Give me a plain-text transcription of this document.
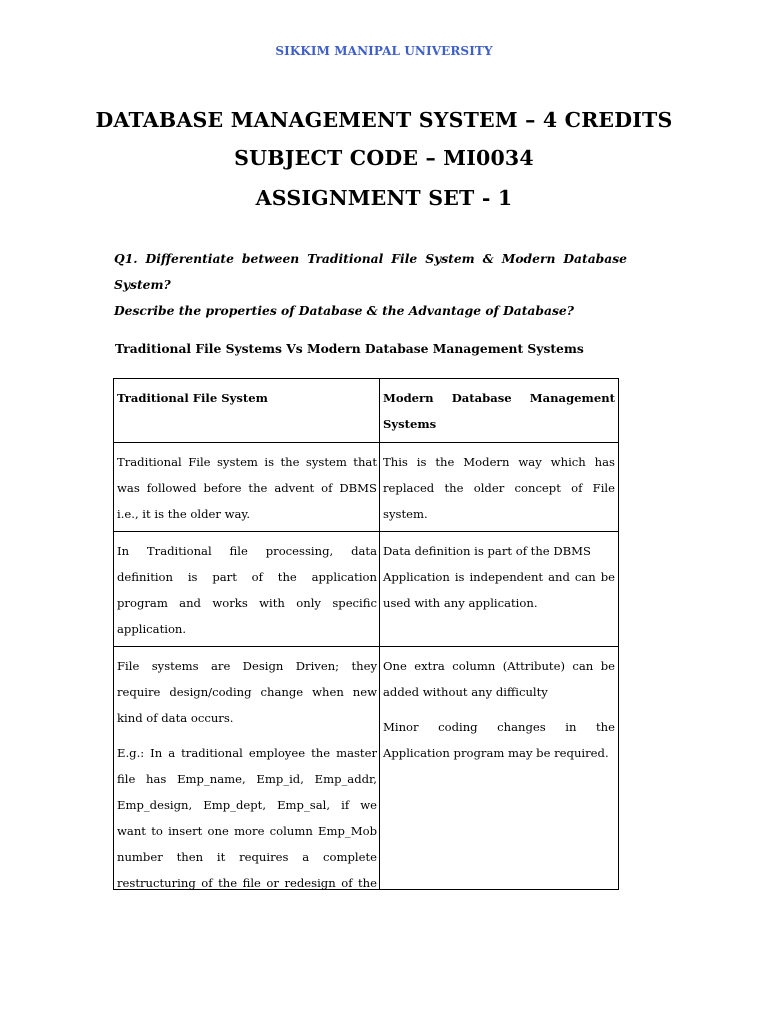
SIKKIM MANIPAL UNIVERSITY
DATABASE MANAGEMENT SYSTEM – 4 CREDITS
SUBJECT CODE – MI0034
ASSIGNMENT SET - 1
Q1. Differentiate between Traditional File System & Modern Database System?
Describe the properties of Database & the Advantage of Database?
Traditional File Systems Vs Modern Database Management Systems
Traditional File System	Modern Database Management
Systems
Traditional File system is the system that
was followed before the advent of DBMS
i.e., it is the older way.
This is the Modern way which has
replaced the older concept of File
system.
In Traditional file processing, data
definition is part of the application
program and works with only specific
application.
Data definition is part of the DBMS
Application is independent and can be
used with any application.
File systems are Design Driven; they
require design/coding change when new
kind of data occurs.
E.g.: In a traditional employee the master
file has Emp_name, Emp_id, Emp_addr,
Emp_design, Emp_dept, Emp_sal, if we
want to insert one more column Emp_Mob
number then it requires a complete
restructuring of the file or redesign of the
One extra column (Attribute) can be
added without any difficulty
Minor coding changes in the
Application program may be required.
